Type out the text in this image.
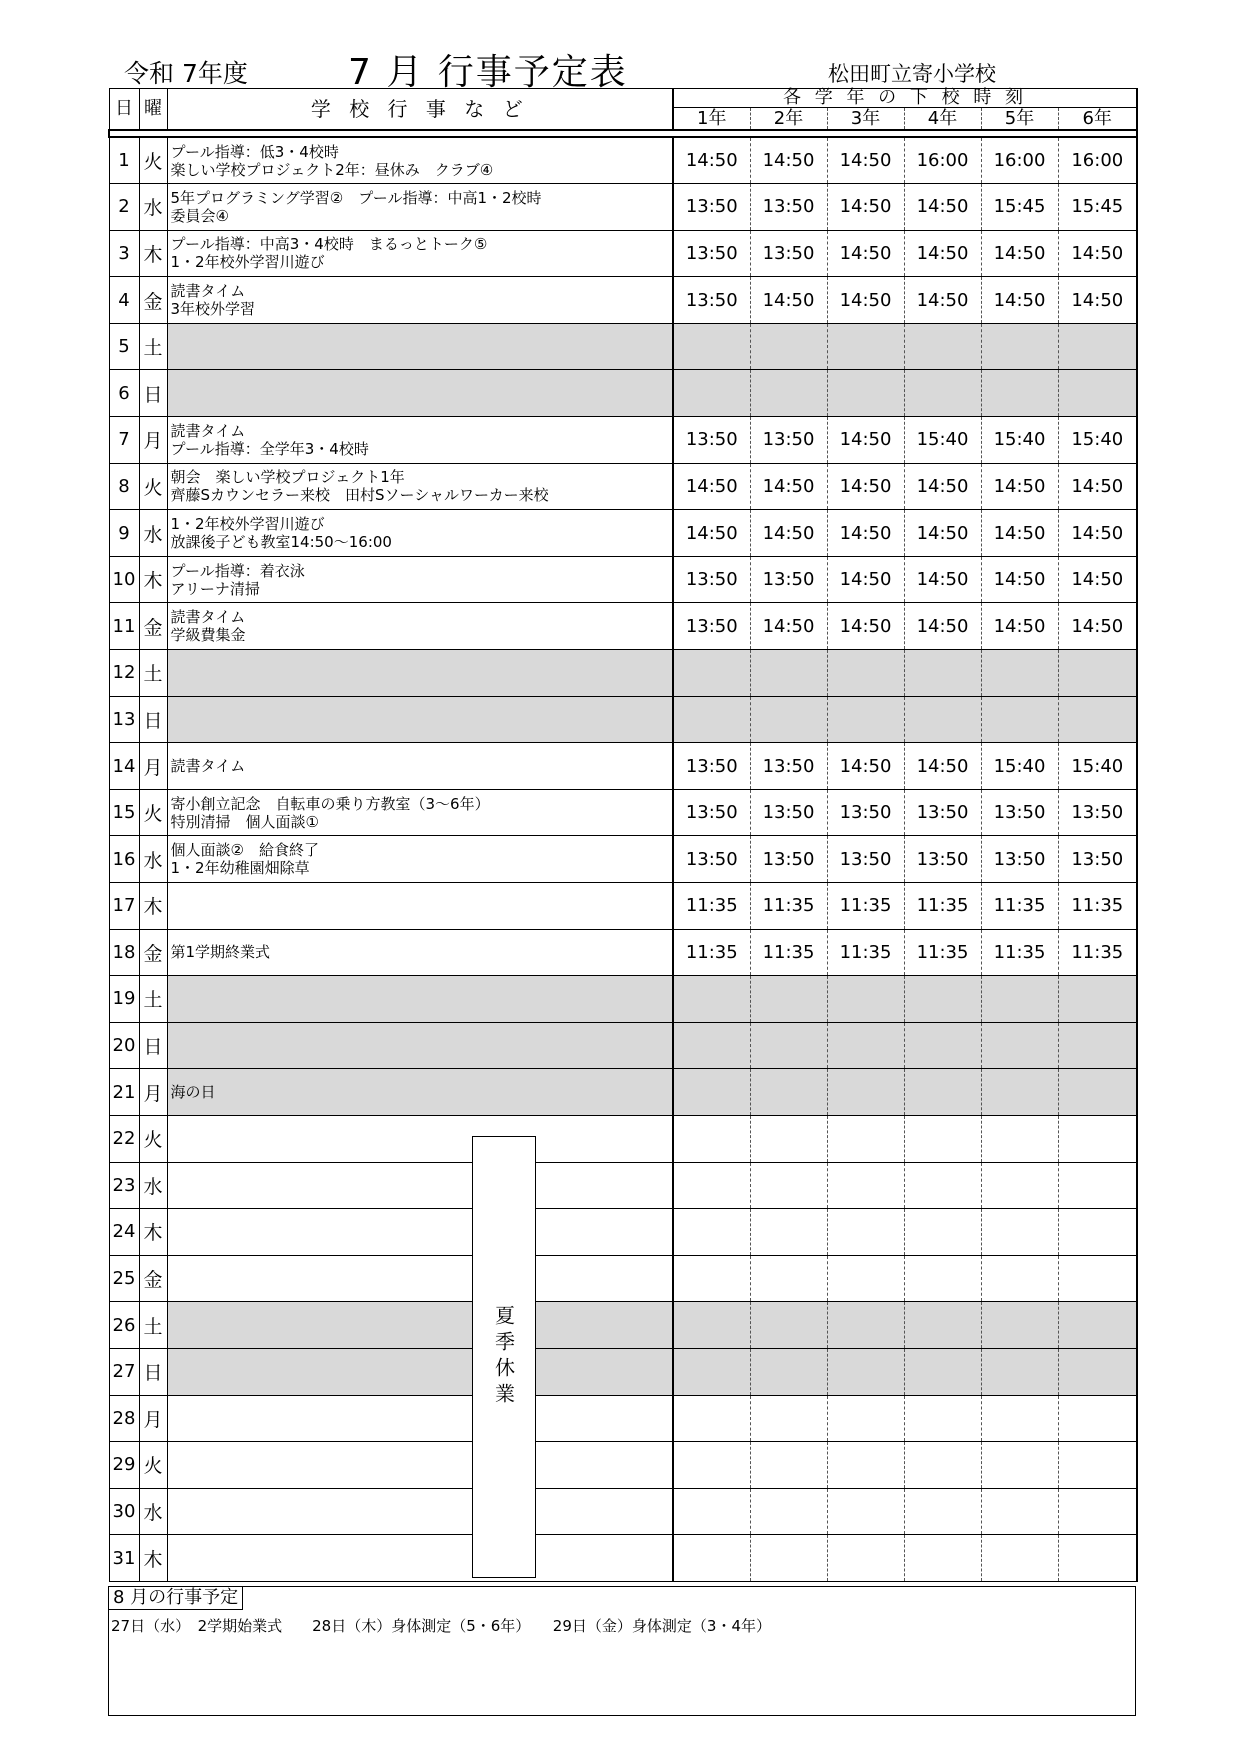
令和 7年度	7 月 行事予定表	松田町立寄小学校
日	曜	学 校 行 事 な ど	各 学 年 の 下 校 時 刻					
			1年	2年	3年	4年	5年	6年

1	火	プール指導：低3・4校時
楽しい学校プロジェクト2年：昼休み　クラブ④	14:50	14:50	14:50	16:00	16:00	16:00
2	水	5年プログラミング学習②　プール指導：中高1・2校時
委員会④	13:50	13:50	14:50	14:50	15:45	15:45
3	木	プール指導：中高3・4校時　まるっとトーク⑤
1・2年校外学習川遊び	13:50	13:50	14:50	14:50	14:50	14:50
4	金	読書タイム
3年校外学習	13:50	14:50	14:50	14:50	14:50	14:50
5	土	

6	日	

7	月	読書タイム
プール指導：全学年3・4校時	13:50	13:50	14:50	15:40	15:40	15:40
8	火	朝会　楽しい学校プロジェクト1年
齊藤Sカウンセラー来校　田村Sソーシャルワーカー来校	14:50	14:50	14:50	14:50	14:50	14:50
9	水	1・2年校外学習川遊び
放課後子ども教室14:50〜16:00	14:50	14:50	14:50	14:50	14:50	14:50
10	木	プール指導：着衣泳
アリーナ清掃	13:50	13:50	14:50	14:50	14:50	14:50
11	金	読書タイム
学級費集金	13:50	14:50	14:50	14:50	14:50	14:50
12	土	

13	日	

14	月	読書タイム	13:50	13:50	14:50	14:50	15:40	15:40
15	火	寄小創立記念　自転車の乗り方教室（3〜6年）
特別清掃　個人面談①	13:50	13:50	13:50	13:50	13:50	13:50
16	水	個人面談②　給食終了
1・2年幼稚園畑除草	13:50	13:50	13:50	13:50	13:50	13:50
17	木		11:35	11:35	11:35	11:35	11:35	11:35
18	金	第1学期終業式	11:35	11:35	11:35	11:35	11:35	11:35
19	土	

20	日	

21	月	海の日						

22	火	

23	水	

24	木	

25	金	

26	土	

27	日	

28	月	

29	火	

30	水	

31	木	

夏季休業
8 月の行事予定
27日（水）　2学期始業式　　28日（木）身体測定（5・6年）　　29日（金）身体測定（3・4年）
